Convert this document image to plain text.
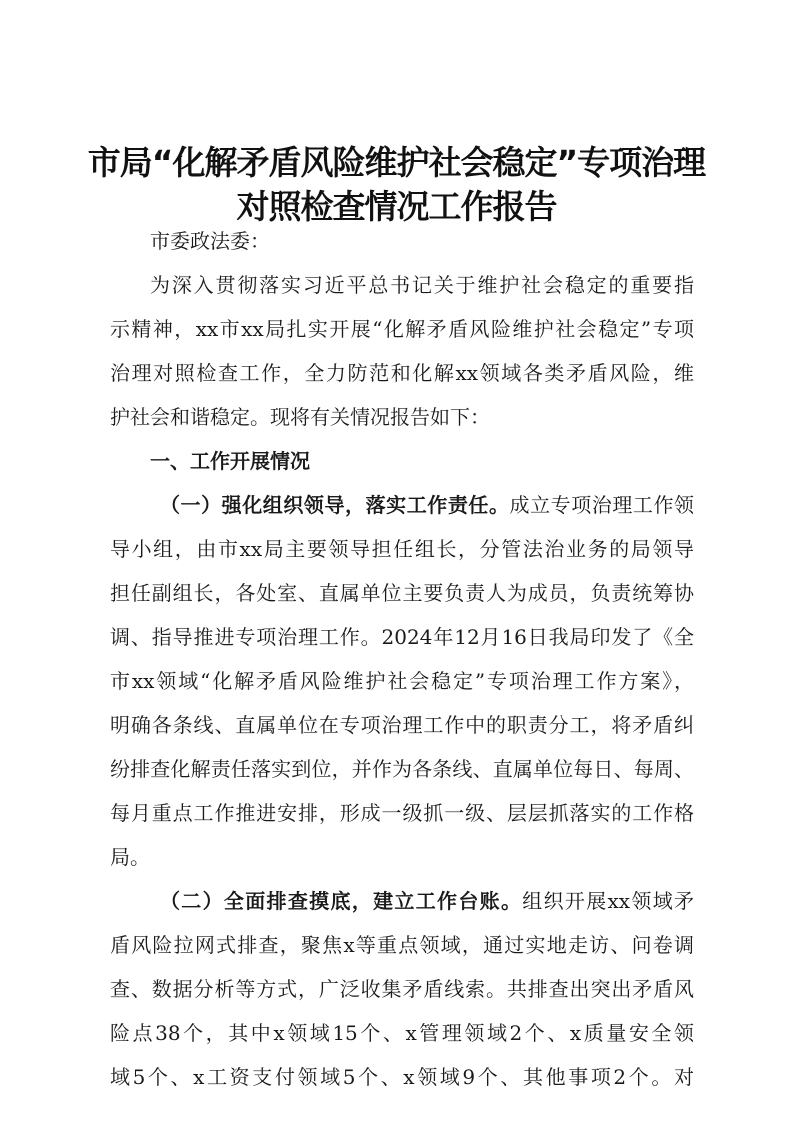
市局“化解矛盾风险维护社会稳定”专项治理
对照检查情况工作报告
市委政法委：
为深入贯彻落实习近平总书记关于维护社会稳定的重要指
示精神，xx市xx局扎实开展“化解矛盾风险维护社会稳定”专项
治理对照检查工作，全力防范和化解xx领域各类矛盾风险，维
护社会和谐稳定。现将有关情况报告如下：
一、工作开展情况
（一）强化组织领导，落实工作责任。成立专项治理工作领
导小组，由市xx局主要领导担任组长，分管法治业务的局领导
担任副组长，各处室、直属单位主要负责人为成员，负责统筹协
调、指导推进专项治理工作。2024年12月16日我局印发了《全
市xx领域“化解矛盾风险维护社会稳定”专项治理工作方案》，
明确各条线、直属单位在专项治理工作中的职责分工，将矛盾纠
纷排查化解责任落实到位，并作为各条线、直属单位每日、每周、
每月重点工作推进安排，形成一级抓一级、层层抓落实的工作格
局。
（二）全面排查摸底，建立工作台账。组织开展xx领域矛
盾风险拉网式排查，聚焦x等重点领域，通过实地走访、问卷调
查、数据分析等方式，广泛收集矛盾线索。共排查出突出矛盾风
险点38个，其中x领域15个、x管理领域2个、x质量安全领
域5个、x工资支付领域5个、x领域9个、其他事项2个。对
